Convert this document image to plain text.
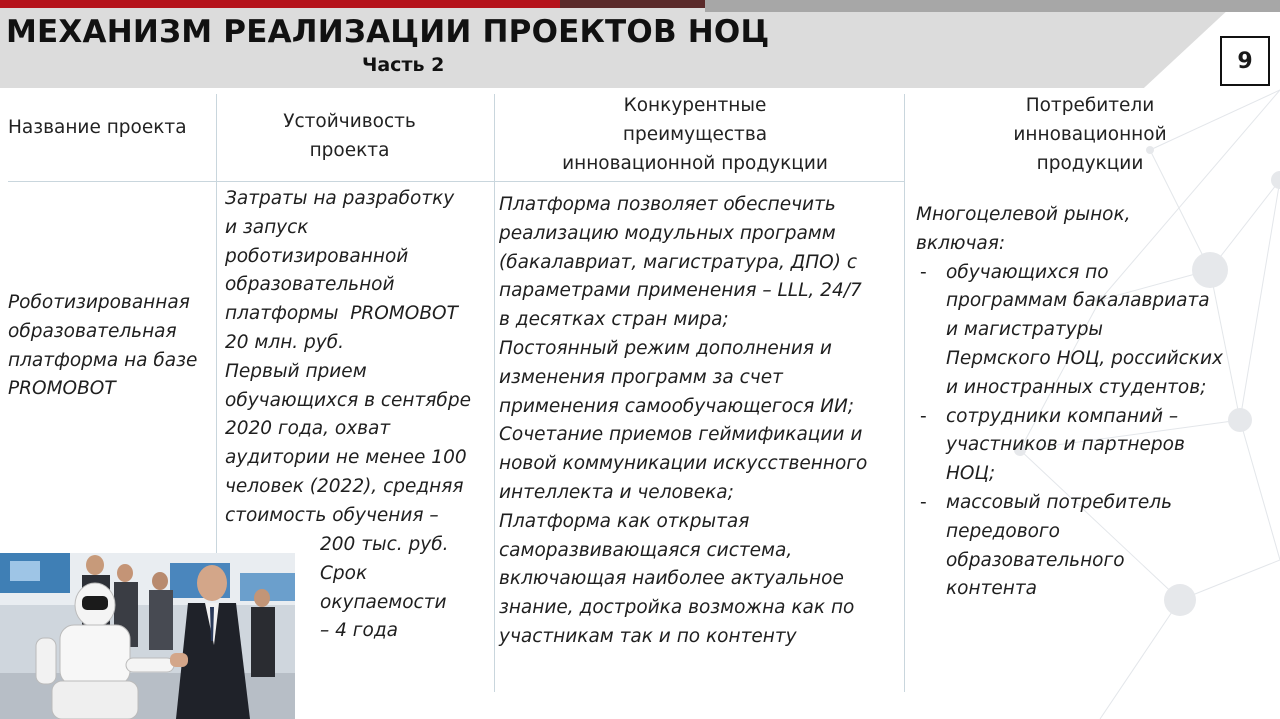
МЕХАНИЗМ РЕАЛИЗАЦИИ ПРОЕКТОВ НОЦ
Часть 2	9
Название проекта	Устойчивость
проекта
Конкурентные
преимущества
инновационной продукции
Потребители
инновационной
продукции
Роботизированная
образовательная
платформа на базе
PROMOBOT
Затраты на разработку
и запуск
роботизированной
образовательной
платформы  PROMOBOT
20 млн. руб.
Первый прием
обучающихся в сентябре
2020 года, охват
аудитории не менее 100
человек (2022), средняя
стоимость обучения –
200 тыс. руб.
Срок
окупаемости
– 4 года
Платформа позволяет обеспечить
реализацию модульных программ
(бакалавриат, магистратура, ДПО) с
параметрами применения – LLL, 24/7
в десятках стран мира;
Постоянный режим дополнения и
изменения программ за счет
применения самообучающегося ИИ;
Сочетание приемов геймификации и
новой коммуникации искусственного
интеллекта и человека;
Платформа как открытая
саморазвивающаяся система,
включающая наиболее актуальное
знание, достройка возможна как по
участникам так и по контенту
Многоцелевой рынок,
включая:
- обучающихся по
программам бакалавриата
и магистратуры
Пермского НОЦ, российских
и иностранных студентов;
- сотрудники компаний –
участников и партнеров
НОЦ;
- массовый потребитель
передового
образовательного
контента
